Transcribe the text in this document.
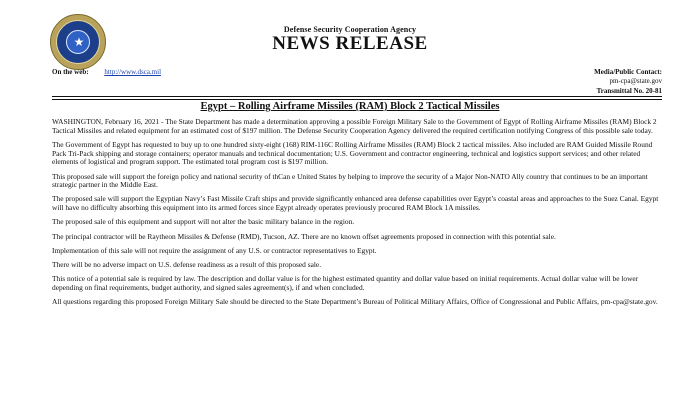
★
Defense Security Cooperation Agency
NEWS RELEASE
On the web: http://www.dsca.mil	Media/Public Contact:
pm-cpa@state.gov
Transmittal No. 20-81
Egypt – Rolling Airframe Missiles (RAM) Block 2 Tactical Missiles

WASHINGTON, February 16, 2021 - The State Department has made a determination approving a possible Foreign Military Sale to the Government of Egypt of Rolling Airframe Missiles (RAM) Block 2 Tactical Missiles and related equipment for an estimated cost of $197 million. The Defense Security Cooperation Agency delivered the required certification notifying Congress of this possible sale today.

The Government of Egypt has requested to buy up to one hundred sixty-eight (168) RIM-116C Rolling Airframe Missiles (RAM) Block 2 tactical missiles. Also included are RAM Guided Missile Round Pack Tri-Pack shipping and storage containers; operator manuals and technical documentation; U.S. Government and contractor engineering, technical and logistics support services; and other related elements of logistical and program support. The estimated total program cost is $197 million.

This proposed sale will support the foreign policy and national security of thCan e United States by helping to improve the security of a Major Non-NATO Ally country that continues to be an important strategic partner in the Middle East.

The proposed sale will support the Egyptian Navy’s Fast Missile Craft ships and provide significantly enhanced area defense capabilities over Egypt’s coastal areas and approaches to the Suez Canal. Egypt will have no difficulty absorbing this equipment into its armed forces since Egypt already operates previously procured RAM Block 1A missiles.

The proposed sale of this equipment and support will not alter the basic military balance in the region.

The principal contractor will be Raytheon Missiles & Defense (RMD), Tucson, AZ. There are no known offset agreements proposed in connection with this potential sale.

Implementation of this sale will not require the assignment of any U.S. or contractor representatives to Egypt.

There will be no adverse impact on U.S. defense readiness as a result of this proposed sale.

This notice of a potential sale is required by law. The description and dollar value is for the highest estimated quantity and dollar value based on initial requirements. Actual dollar value will be lower depending on final requirements, budget authority, and signed sales agreement(s), if and when concluded.

All questions regarding this proposed Foreign Military Sale should be directed to the State Department’s Bureau of Political Military Affairs, Office of Congressional and Public Affairs, pm-cpa@state.gov.
